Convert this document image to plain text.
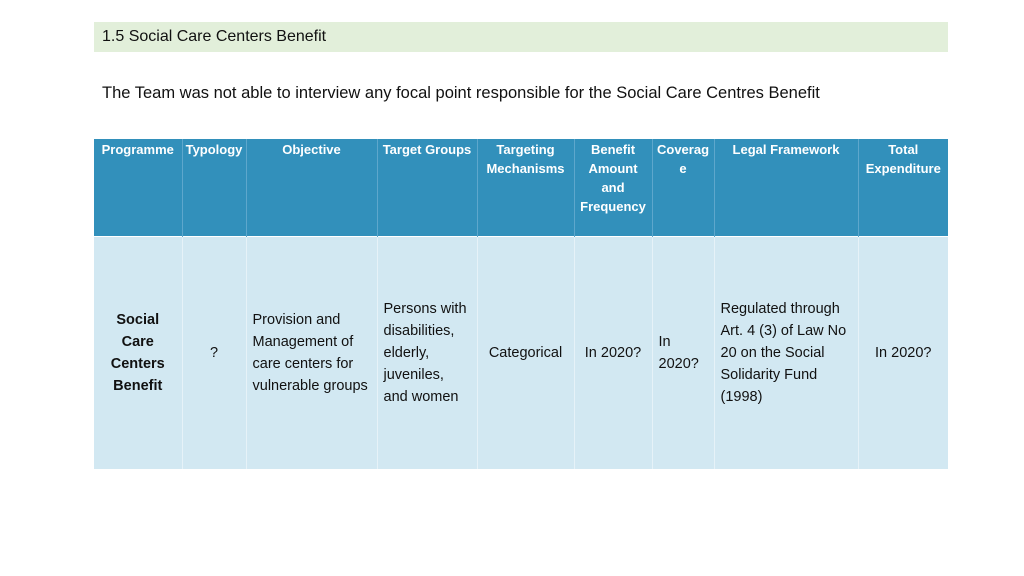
1.5 Social Care Centers Benefit
The Team was not able to interview any focal point responsible for the Social Care Centres Benefit
Programme	Typology	Objective	Target Groups	Targeting Mechanisms	Benefit Amount and Frequency	Coverage	Legal Framework	Total Expenditure
Social Care Centers Benefit	?	Provision and Management of care centers for vulnerable groups	Persons with disabilities, elderly, juveniles, and women	Categorical	In 2020?	In 2020?	Regulated through Art. 4 (3) of Law No 20 on the Social Solidarity Fund (1998)	In 2020?
